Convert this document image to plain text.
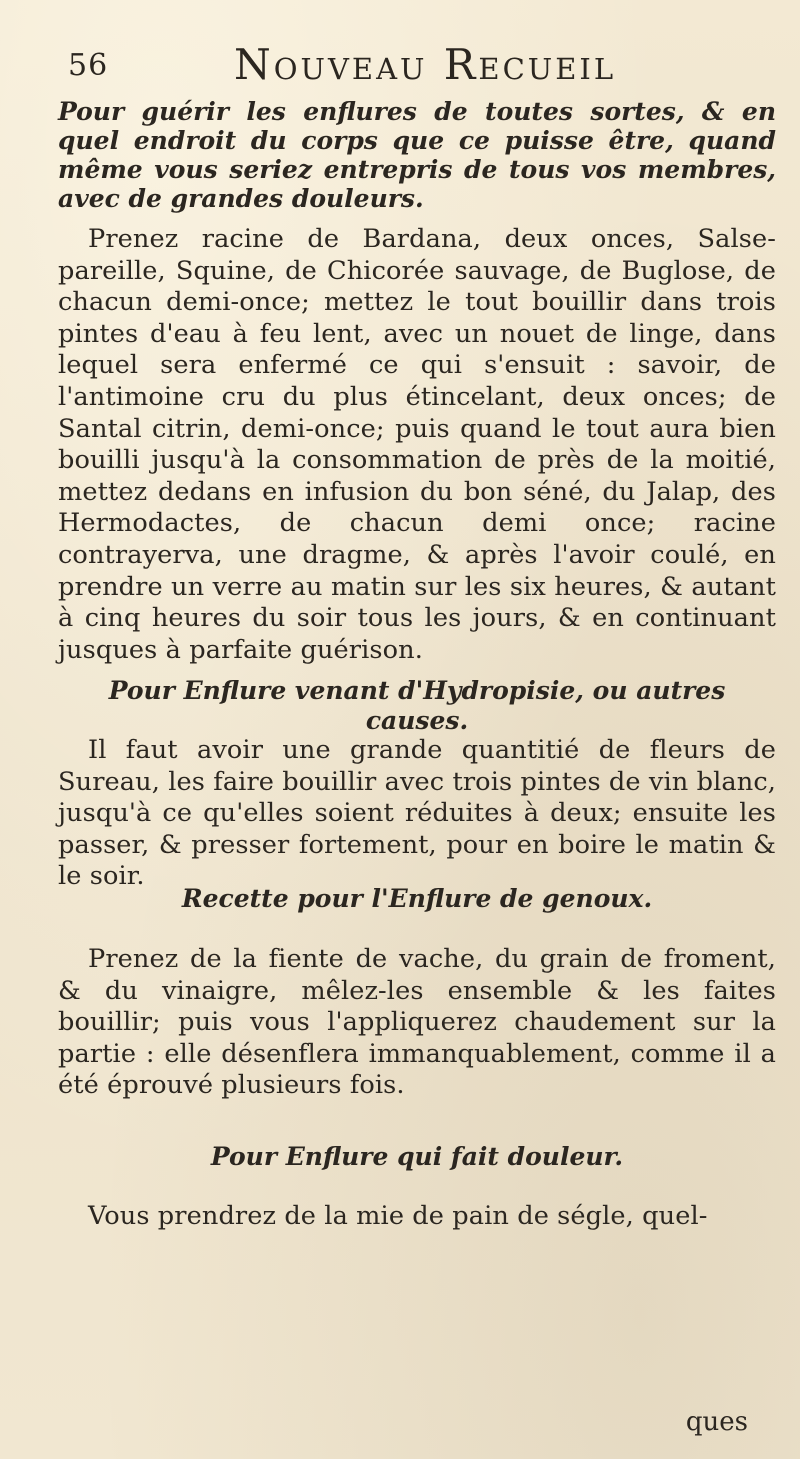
56	Nouveau Recueil
Pour guérir les enflures de toutes sortes, & en quel endroit du corps que ce puisse être, quand même vous seriez entrepris de tous vos membres, avec de grandes douleurs.
Prenez racine de Bardana, deux onces, Salse-pareille, Squine, de Chicorée sauvage, de Buglose, de chacun demi-once; mettez le tout bouillir dans trois pintes d'eau à feu lent, avec un nouet de linge, dans lequel sera enfermé ce qui s'ensuit : savoir, de l'antimoine cru du plus étincelant, deux onces; de Santal citrin, demi-once; puis quand le tout aura bien bouilli jusqu'à la consommation de près de la moitié, mettez dedans en infusion du bon séné, du Jalap, des Hermodactes, de chacun demi once; racine contrayerva, une dragme, & après l'avoir coulé, en prendre un verre au matin sur les six heures, & autant à cinq heures du soir tous les jours, & en continuant jusques à parfaite guérison.
Pour Enflure venant d'Hydropisie, ou autres causes.
Il faut avoir une grande quantitié de fleurs de Sureau, les faire bouillir avec trois pintes de vin blanc, jusqu'à ce qu'elles soient réduites à deux; ensuite les passer, & presser fortement, pour en boire le matin & le soir.
Recette pour l'Enflure de genoux.
Prenez de la fiente de vache, du grain de froment, & du vinaigre, mêlez-les ensemble & les faites bouillir; puis vous l'appliquerez chaudement sur la partie : elle désenflera immanquablement, comme il a été éprouvé plusieurs fois.
Pour Enflure qui fait douleur.
Vous prendrez de la mie de pain de ségle, quel-
ques
